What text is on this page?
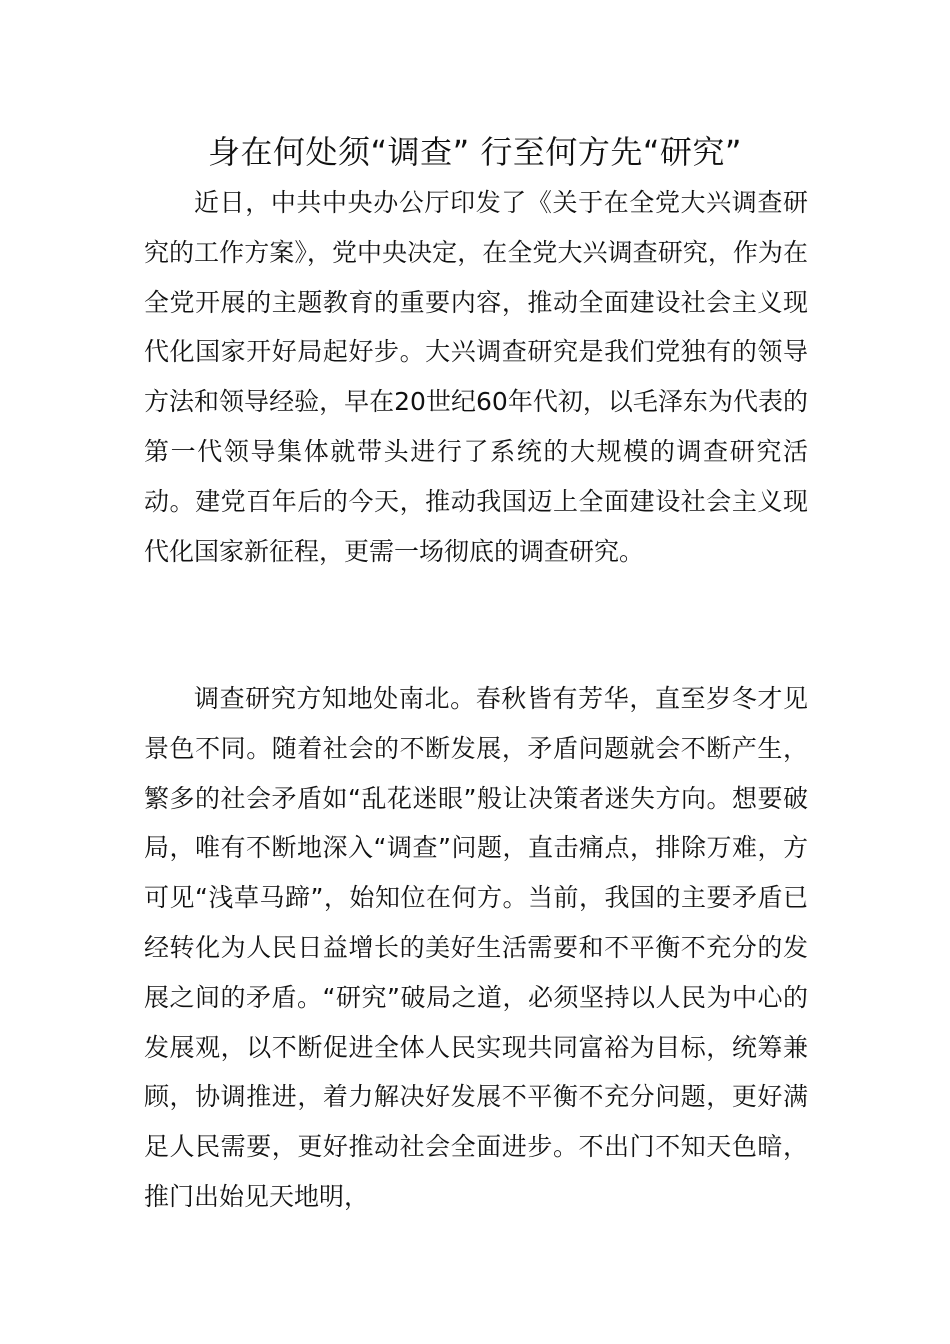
身在何处须“调查” 行至何方先“研究”

近日，中共中央办公厅印发了《关于在全党大兴调查研究的工作方案》，党中央决定，在全党大兴调查研究，作为在全党开展的主题教育的重要内容，推动全面建设社会主义现代化国家开好局起好步。大兴调查研究是我们党独有的领导方法和领导经验，早在20世纪60年代初，以毛泽东为代表的第一代领导集体就带头进行了系统的大规模的调查研究活动。建党百年后的今天，推动我国迈上全面建设社会主义现代化国家新征程，更需一场彻底的调查研究。

调查研究方知地处南北。春秋皆有芳华，直至岁冬才见景色不同。随着社会的不断发展，矛盾问题就会不断产生，繁多的社会矛盾如“乱花迷眼”般让决策者迷失方向。想要破局，唯有不断地深入“调查”问题，直击痛点，排除万难，方可见“浅草马蹄”，始知位在何方。当前，我国的主要矛盾已经转化为人民日益增长的美好生活需要和不平衡不充分的发展之间的矛盾。“研究”破局之道，必须坚持以人民为中心的发展观，以不断促进全体人民实现共同富裕为目标，统筹兼顾，协调推进，着力解决好发展不平衡不充分问题，更好满足人民需要，更好推动社会全面进步。不出门不知天色暗，推门出始见天地明，
